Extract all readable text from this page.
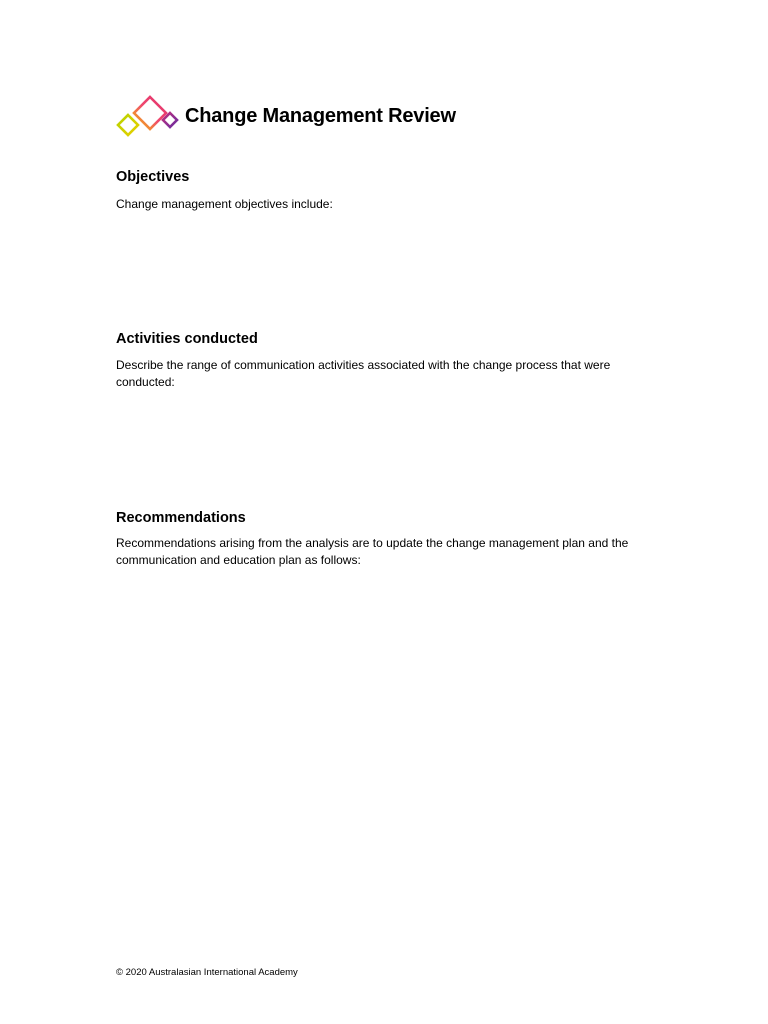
Change Management Review
Objectives

Change management objectives include:

Activities conducted

Describe the range of communication activities associated with the change process that were conducted:

Recommendations

Recommendations arising from the analysis are to update the change management plan and the communication and education plan as follows:

© 2020 Australasian International Academy
